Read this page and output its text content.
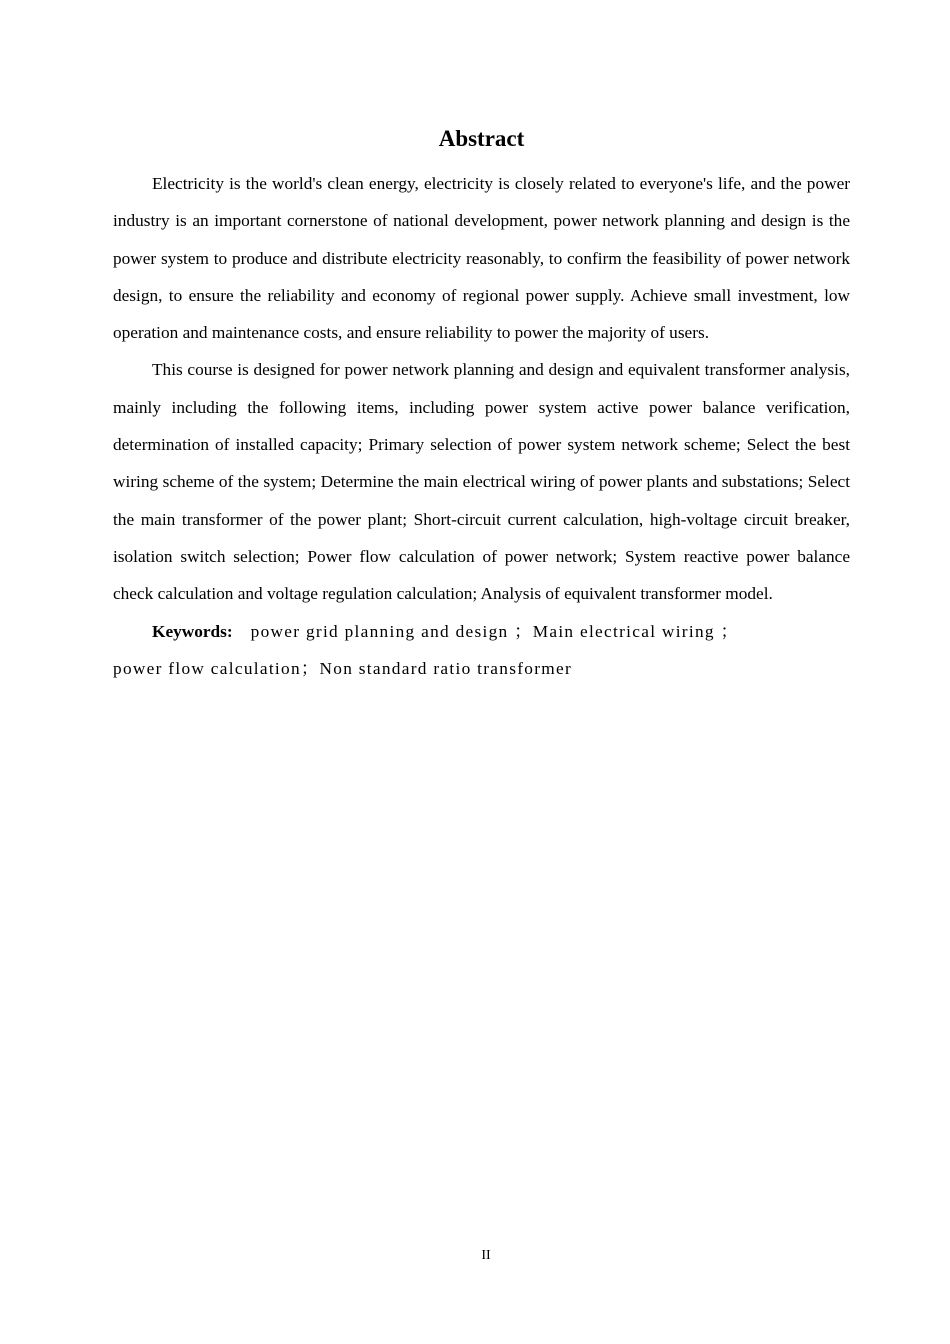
Abstract

Electricity is the world's clean energy, electricity is closely related to everyone's life, and the power industry is an important cornerstone of national development, power network planning and design is the power system to produce and distribute electricity reasonably, to confirm the feasibility of power network design, to ensure the reliability and economy of regional power supply. Achieve small investment, low operation and maintenance costs, and ensure reliability to power the majority of users.

This course is designed for power network planning and design and equivalent transformer analysis, mainly including the following items, including power system active power balance verification, determination of installed capacity; Primary selection of power system network scheme; Select the best wiring scheme of the system; Determine the main electrical wiring of power plants and substations; Select the main transformer of the power plant; Short-circuit current calculation, high-voltage circuit breaker, isolation switch selection; Power flow calculation of power network; System reactive power balance check calculation and voltage regulation calculation; Analysis of equivalent transformer model.

Keywords: power grid planning and design ；Main electrical wiring ；
power flow calculation；Non standard ratio transformer

II
